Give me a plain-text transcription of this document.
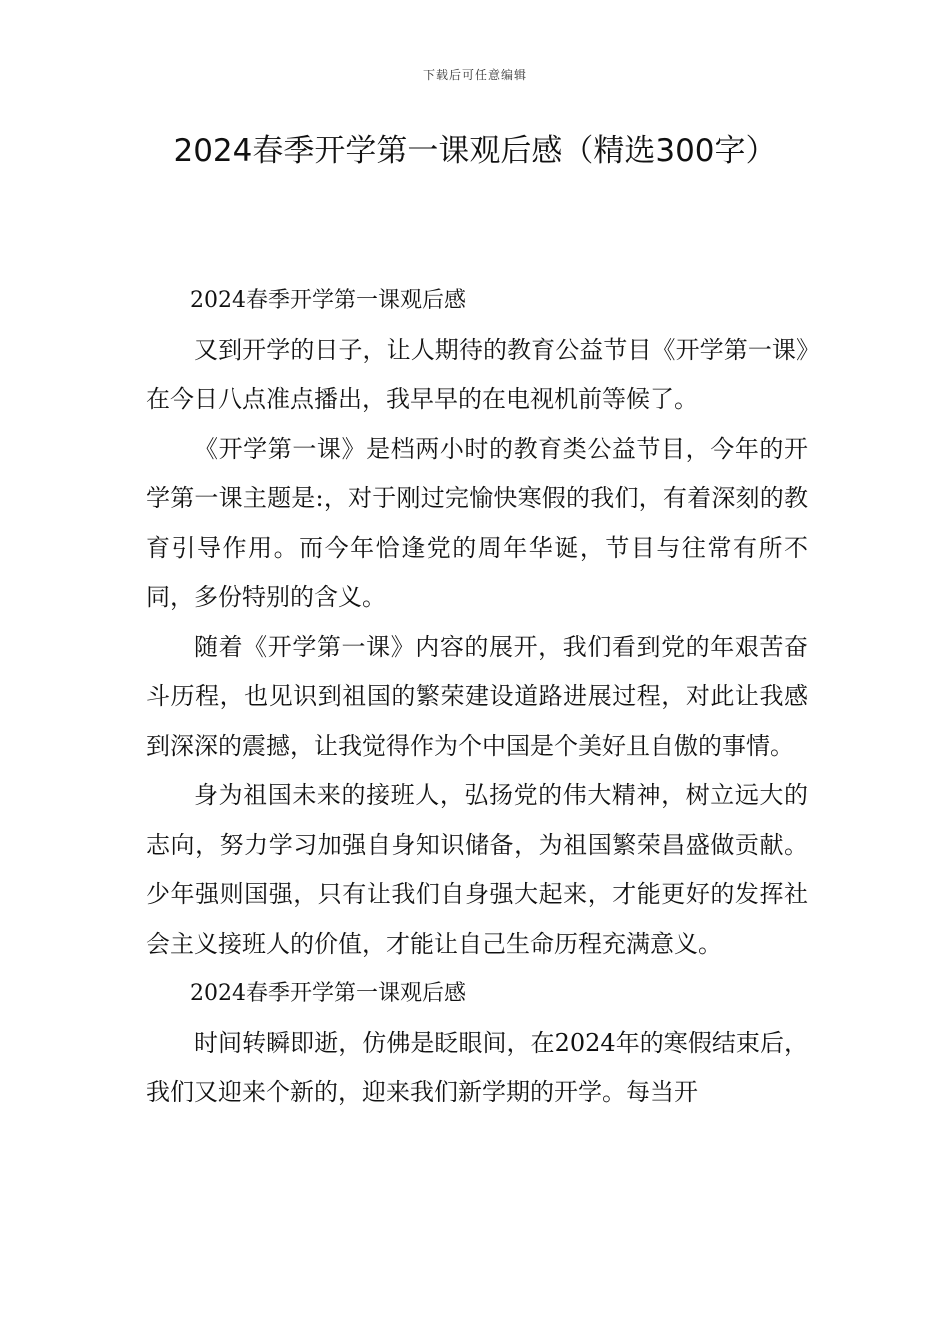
下载后可任意编辑
2024春季开学第一课观后感（精选300字）

2024春季开学第一课观后感

又到开学的日子，让人期待的教育公益节目《开学第一课》在今日八点准点播出，我早早的在电视机前等候了。

《开学第一课》是档两小时的教育类公益节目，今年的开学第一课主题是:，对于刚过完愉快寒假的我们，有着深刻的教育引导作用。而今年恰逢党的周年华诞，节目与往常有所不同，多份特别的含义。

随着《开学第一课》内容的展开，我们看到党的年艰苦奋斗历程，也见识到祖国的繁荣建设道路进展过程，对此让我感到深深的震撼，让我觉得作为个中国是个美好且自傲的事情。

身为祖国未来的接班人，弘扬党的伟大精神，树立远大的志向，努力学习加强自身知识储备，为祖国繁荣昌盛做贡献。少年强则国强，只有让我们自身强大起来，才能更好的发挥社会主义接班人的价值，才能让自己生命历程充满意义。

2024春季开学第一课观后感

时间转瞬即逝，仿佛是眨眼间，在2024年的寒假结束后，我们又迎来个新的，迎来我们新学期的开学。每当开
